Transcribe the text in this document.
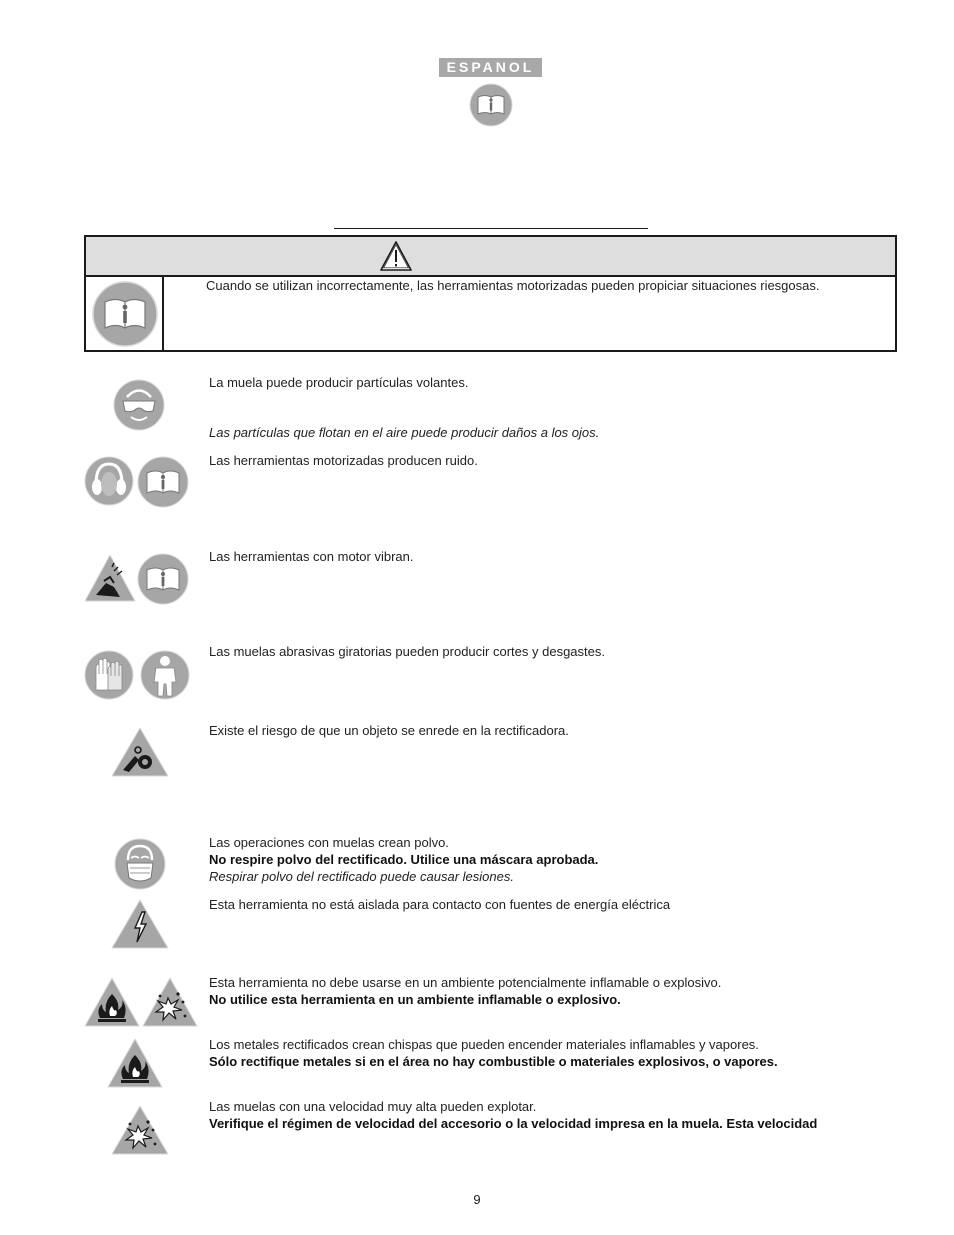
ESPANOL
Cuando se utilizan incorrectamente, las herramientas motorizadas pueden propiciar situaciones riesgosas.
La muela puede producir partículas volantes.
Las partículas que flotan en el aire puede producir daños a los ojos.
Las herramientas motorizadas producen ruido.
Las herramientas con motor vibran.
Las muelas abrasivas giratorias pueden producir cortes y desgastes.
Existe el riesgo de que un objeto se enrede en la rectificadora.
Las operaciones con muelas crean polvo.
No respire polvo del rectificado. Utilice una máscara aprobada.
Respirar polvo del rectificado puede causar lesiones.
Esta herramienta no está aislada para contacto con fuentes de energía eléctrica
Esta herramienta no debe usarse en un ambiente potencialmente inflamable o explosivo.
No utilice esta herramienta en un ambiente inflamable o explosivo.
Los metales rectificados crean chispas que pueden encender materiales inflamables y vapores.
Sólo rectifique metales si en el área no hay combustible o materiales explosivos, o vapores.
Las muelas con una velocidad muy alta pueden explotar.
Verifique el régimen de velocidad del accesorio o la velocidad impresa en la muela. Esta velocidad
9
